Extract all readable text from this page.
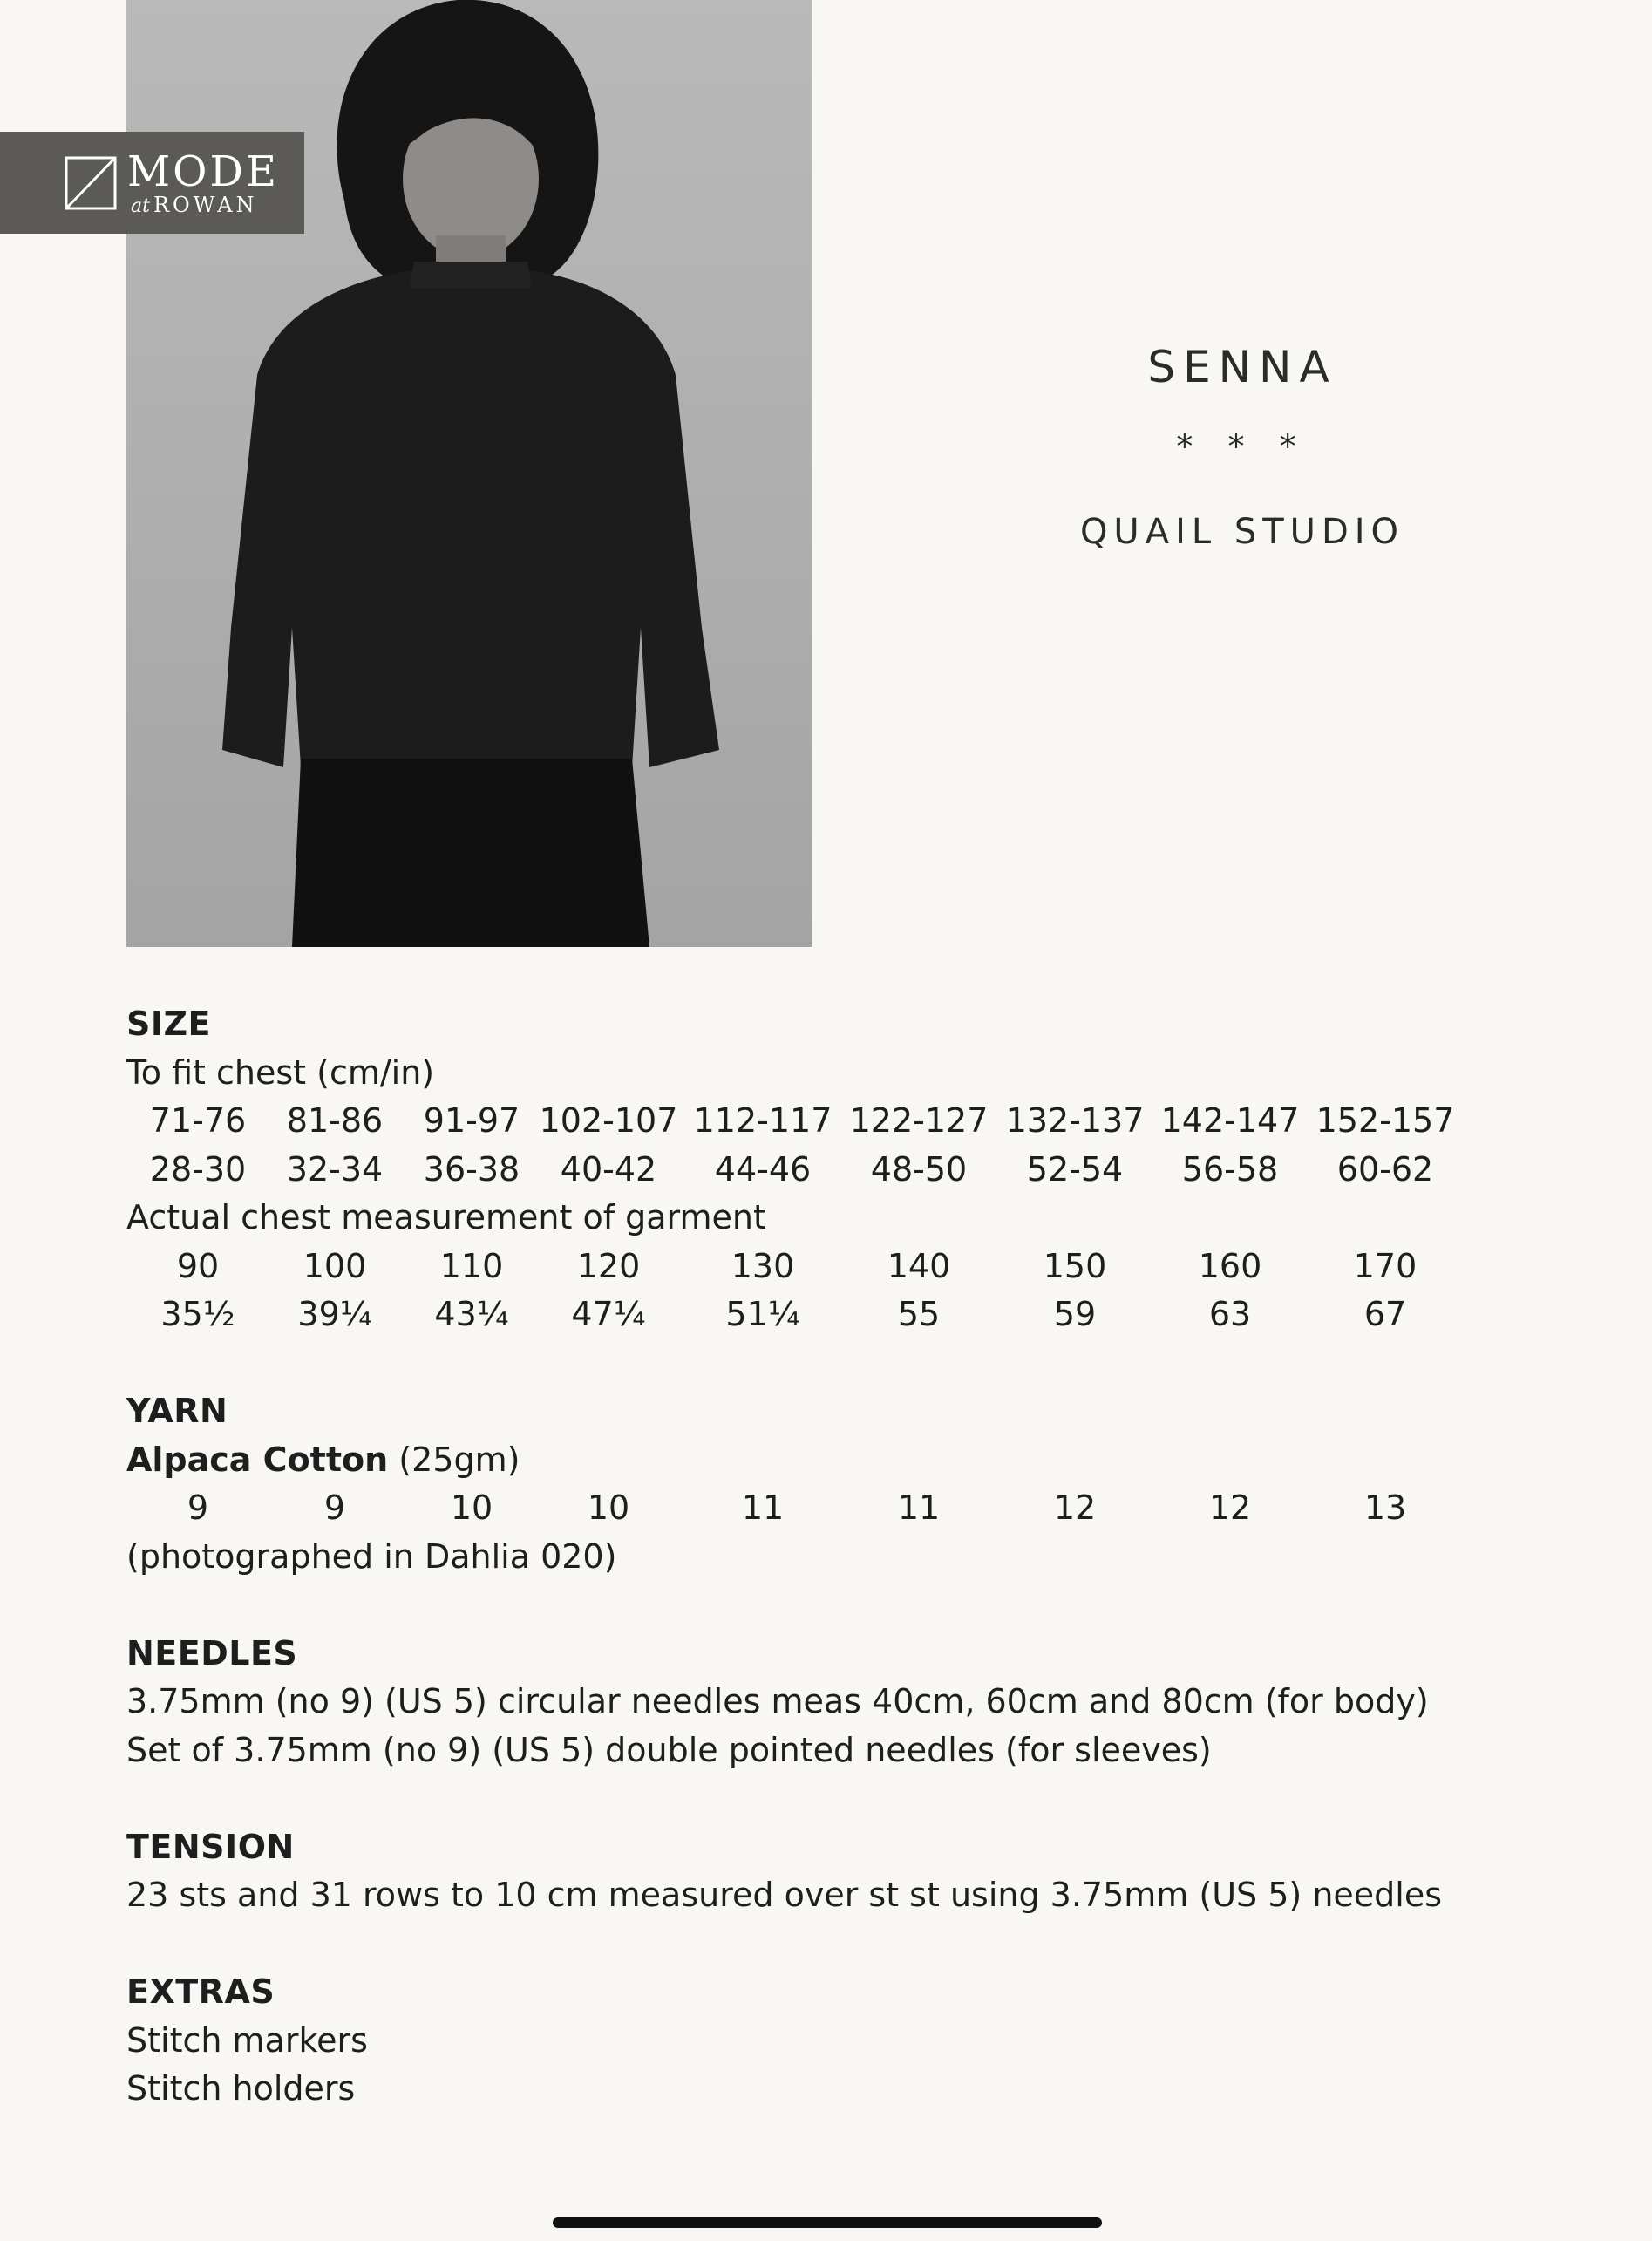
MODE
at ROWAN
SENNA
* * *
QUAIL STUDIO
SIZE
To fit chest (cm/in)
71-76 81-86 91-97 102-107 112-117 122-127 132-137 142-147 152-157
28-30 32-34 36-38 40-42 44-46 48-50 52-54 56-58 60-62
Actual chest measurement of garment
90	100 110 120	130	140	150	160	170
35½ 39¼ 43¼ 47¼ 51¼	55	59	63	67
YARN
Alpaca Cotton (25gm)
9	9	10	10	11	11	12	12	13
(photographed in Dahlia 020)
NEEDLES
3.75mm (no 9) (US 5) circular needles meas 40cm, 60cm and 80cm (for body)
Set of 3.75mm (no 9) (US 5) double pointed needles (for sleeves)
TENSION
23 sts and 31 rows to 10 cm measured over st st using 3.75mm (US 5) needles
EXTRAS
Stitch markers
Stitch holders
